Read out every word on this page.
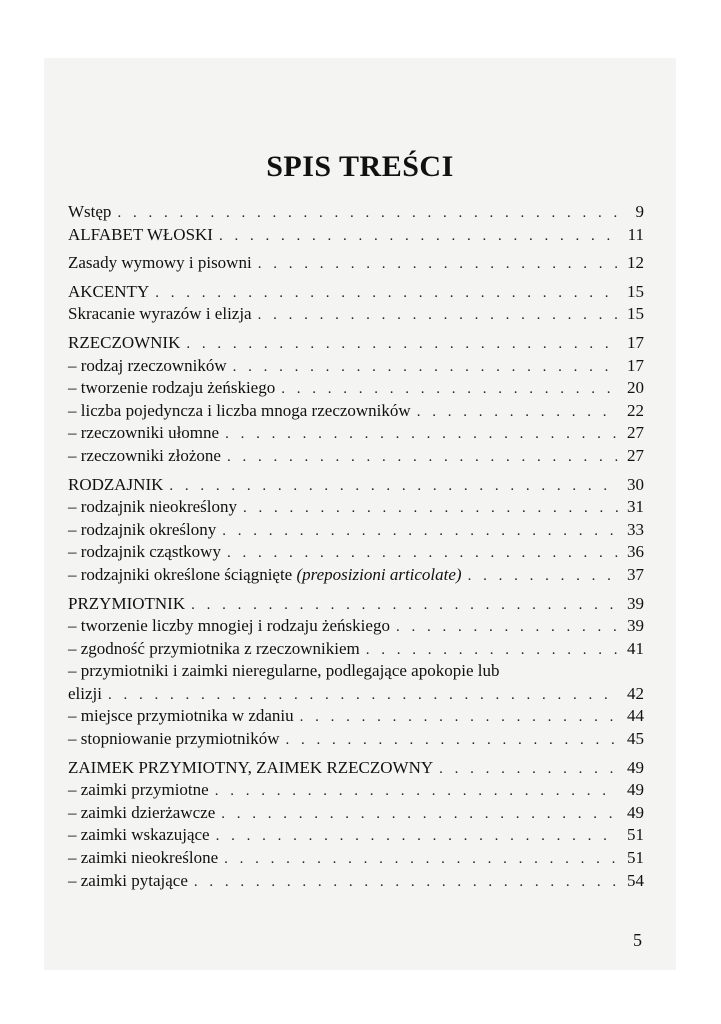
SPIS TREŚCI
Wstęp . . .	9
ALFABET WŁOSKI . . .	11
Zasady wymowy i pisowni . . .	12
AKCENTY . . .	15
Skracanie wyrazów i elizja . . .	15
RZECZOWNIK . . .	17
– rodzaj rzeczowników . . .	17
– tworzenie rodzaju żeńskiego . . .	20
– liczba pojedyncza i liczba mnoga rzeczowników . . .	22
– rzeczowniki ułomne . . .	27
– rzeczowniki złożone . . .	27
RODZAJNIK . . .	30
– rodzajnik nieokreślony . . .	31
– rodzajnik określony . . .	33
– rodzajnik cząstkowy . . .	36
– rodzajniki określone ściągnięte (preposizioni articolate) . . .	37
PRZYMIOTNIK . . .	39
– tworzenie liczby mnogiej i rodzaju żeńskiego . . .	39
– zgodność przymiotnika z rzeczownikiem . . .	41
– przymiotniki i zaimki nieregularne, podlegające apokopie lub
elizji . . .	42
– miejsce przymiotnika w zdaniu . . .	44
– stopniowanie przymiotników . . .	45
ZAIMEK PRZYMIOTNY, ZAIMEK RZECZOWNY . . .	49
– zaimki przymiotne . . .	49
– zaimki dzierżawcze . . .	49
– zaimki wskazujące . . .	51
– zaimki nieokreślone . . .	51
– zaimki pytające . . .	54
5
